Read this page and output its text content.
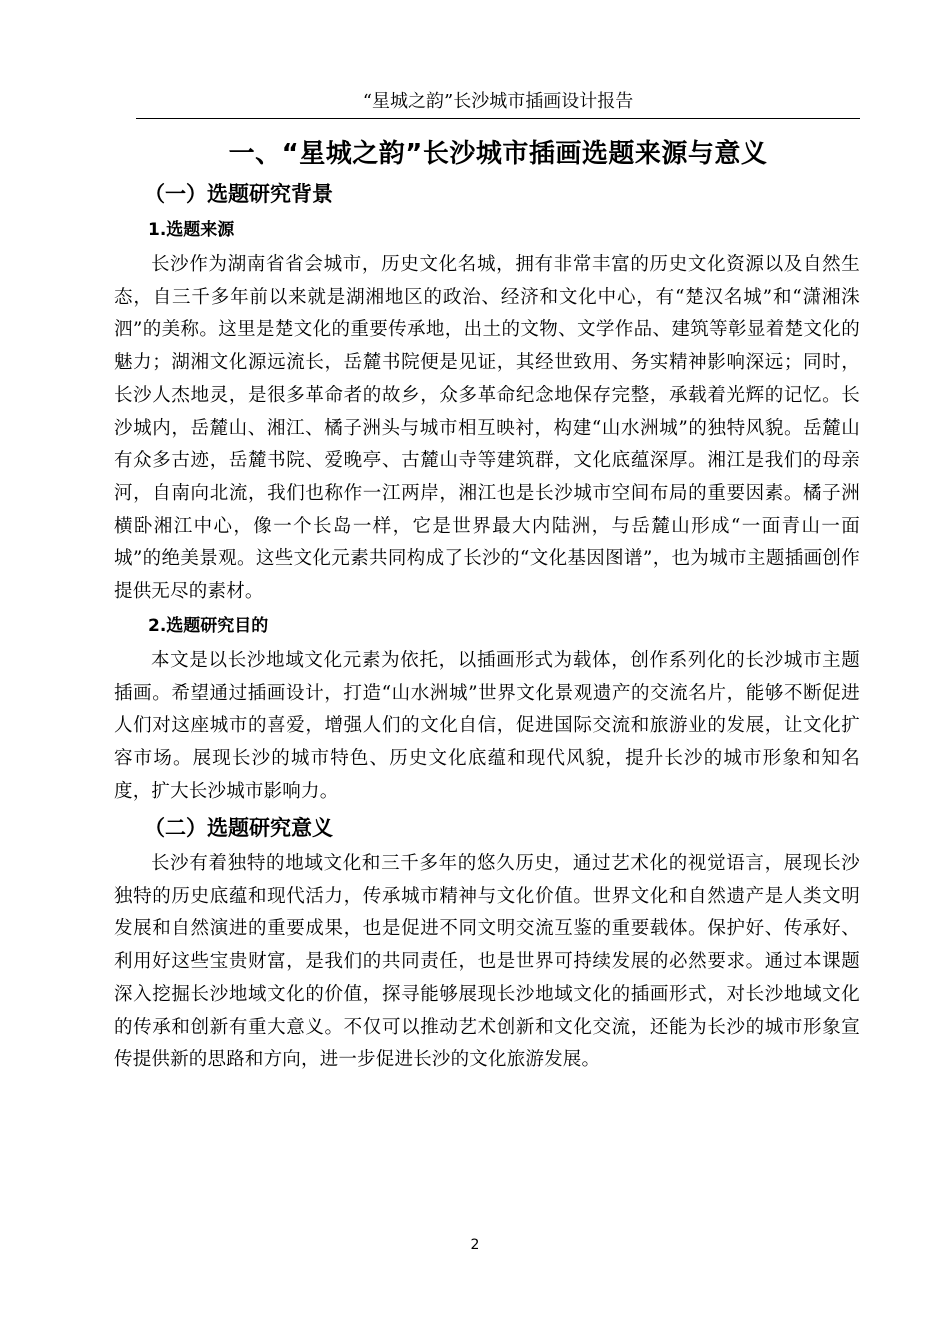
“星城之韵”长沙城市插画设计报告
一、“星城之韵”长沙城市插画选题来源与意义
（一）选题研究背景
1.选题来源
长沙作为湖南省省会城市，历史文化名城，拥有非常丰富的历史文化资源以及自然生态，自三千多年前以来就是湖湘地区的政治、经济和文化中心，有“楚汉名城”和“潇湘洙泗”的美称。这里是楚文化的重要传承地，出土的文物、文学作品、建筑等彰显着楚文化的魅力；湖湘文化源远流长，岳麓书院便是见证，其经世致用、务实精神影响深远；同时，长沙人杰地灵，是很多革命者的故乡，众多革命纪念地保存完整，承载着光辉的记忆。长沙城内，岳麓山、湘江、橘子洲头与城市相互映衬，构建“山水洲城”的独特风貌。岳麓山有众多古迹，岳麓书院、爱晚亭、古麓山寺等建筑群，文化底蕴深厚。湘江是我们的母亲河，自南向北流，我们也称作一江两岸，湘江也是长沙城市空间布局的重要因素。橘子洲横卧湘江中心，像一个长岛一样，它是世界最大内陆洲，与岳麓山形成“一面青山一面城”的绝美景观。这些文化元素共同构成了长沙的“文化基因图谱”，也为城市主题插画创作提供无尽的素材。
2.选题研究目的
本文是以长沙地域文化元素为依托，以插画形式为载体，创作系列化的长沙城市主题插画。希望通过插画设计，打造“山水洲城”世界文化景观遗产的交流名片，能够不断促进人们对这座城市的喜爱，增强人们的文化自信，促进国际交流和旅游业的发展，让文化扩容市场。展现长沙的城市特色、历史文化底蕴和现代风貌，提升长沙的城市形象和知名度，扩大长沙城市影响力。
（二）选题研究意义
长沙有着独特的地域文化和三千多年的悠久历史，通过艺术化的视觉语言，展现长沙独特的历史底蕴和现代活力，传承城市精神与文化价值。世界文化和自然遗产是人类文明发展和自然演进的重要成果，也是促进不同文明交流互鉴的重要载体。保护好、传承好、利用好这些宝贵财富，是我们的共同责任，也是世界可持续发展的必然要求。通过本课题深入挖掘长沙地域文化的价值，探寻能够展现长沙地域文化的插画形式，对长沙地域文化的传承和创新有重大意义。不仅可以推动艺术创新和文化交流，还能为长沙的城市形象宣传提供新的思路和方向，进一步促进长沙的文化旅游发展。
2
